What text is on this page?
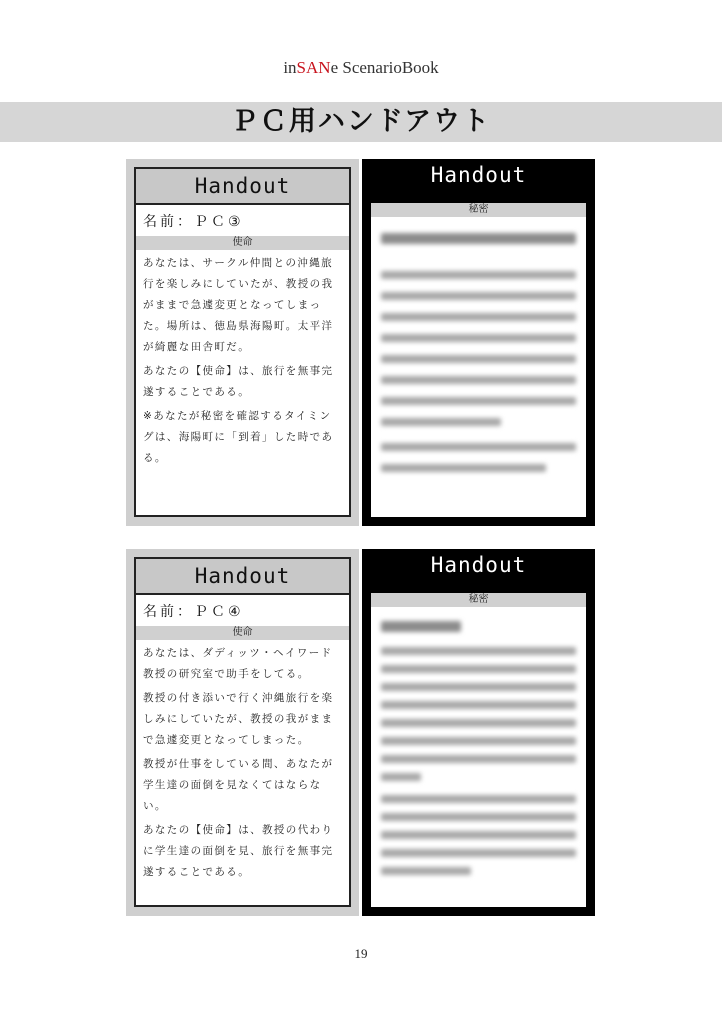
inSANe ScenarioBook
ＰＣ用ハンドアウト
Handout
名前：ＰＣ③
使命

あなたは、サークル仲間との沖縄旅行を楽しみにしていたが、教授の我がままで急遽変更となってしまった。場所は、徳島県海陽町。太平洋が綺麗な田舎町だ。

あなたの【使命】は、旅行を無事完遂することである。

※あなたが秘密を確認するタイミングは、海陽町に「到着」した時である。

Handout
秘密
Handout
名前：ＰＣ④
使命

あなたは、ダディッツ・ヘイワード教授の研究室で助手をしてる。

教授の付き添いで行く沖縄旅行を楽しみにしていたが、教授の我がままで急遽変更となってしまった。

教授が仕事をしている間、あなたが学生達の面倒を見なくてはならない。

あなたの【使命】は、教授の代わりに学生達の面倒を見、旅行を無事完遂することである。

Handout
秘密
19
